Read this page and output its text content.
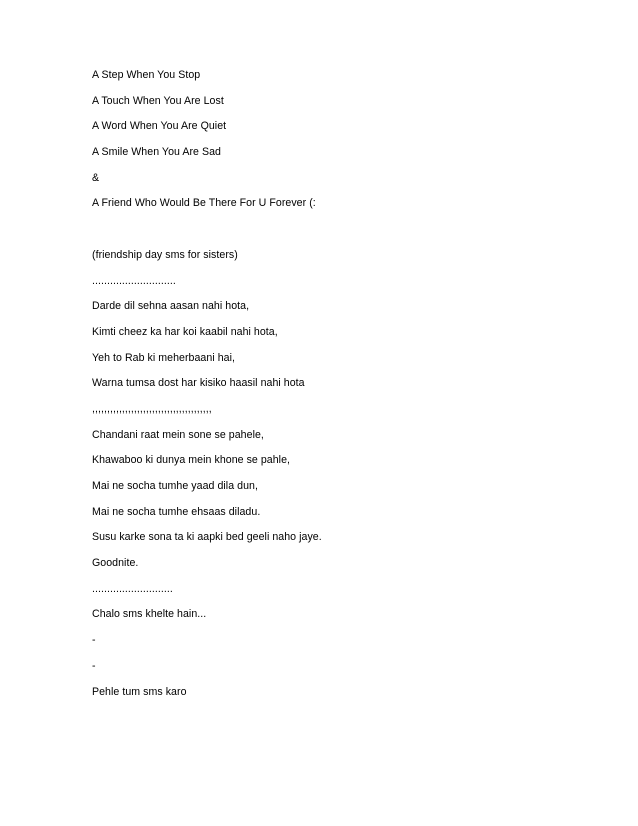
A Step When You Stop
A Touch When You Are Lost
A Word When You Are Quiet
A Smile When You Are Sad
&
A Friend Who Would Be There For U Forever (:
(friendship day sms for sisters)
............................
Darde dil sehna aasan nahi hota,
Kimti cheez ka har koi kaabil nahi hota,
Yeh to Rab ki meherbaani hai,
Warna tumsa dost har kisiko haasil nahi hota
,,,,,,,,,,,,,,,,,,,,,,,,,,,,,,,,,,,,,,,,
Chandani raat mein sone se pahele,
Khawaboo ki dunya mein khone se pahle,
Mai ne socha tumhe yaad dila dun,
Mai ne socha tumhe ehsaas diladu.
Susu karke sona ta ki aapki bed geeli naho jaye.
Goodnite.
...........................
Chalo sms khelte hain...
-
-
Pehle tum sms karo
